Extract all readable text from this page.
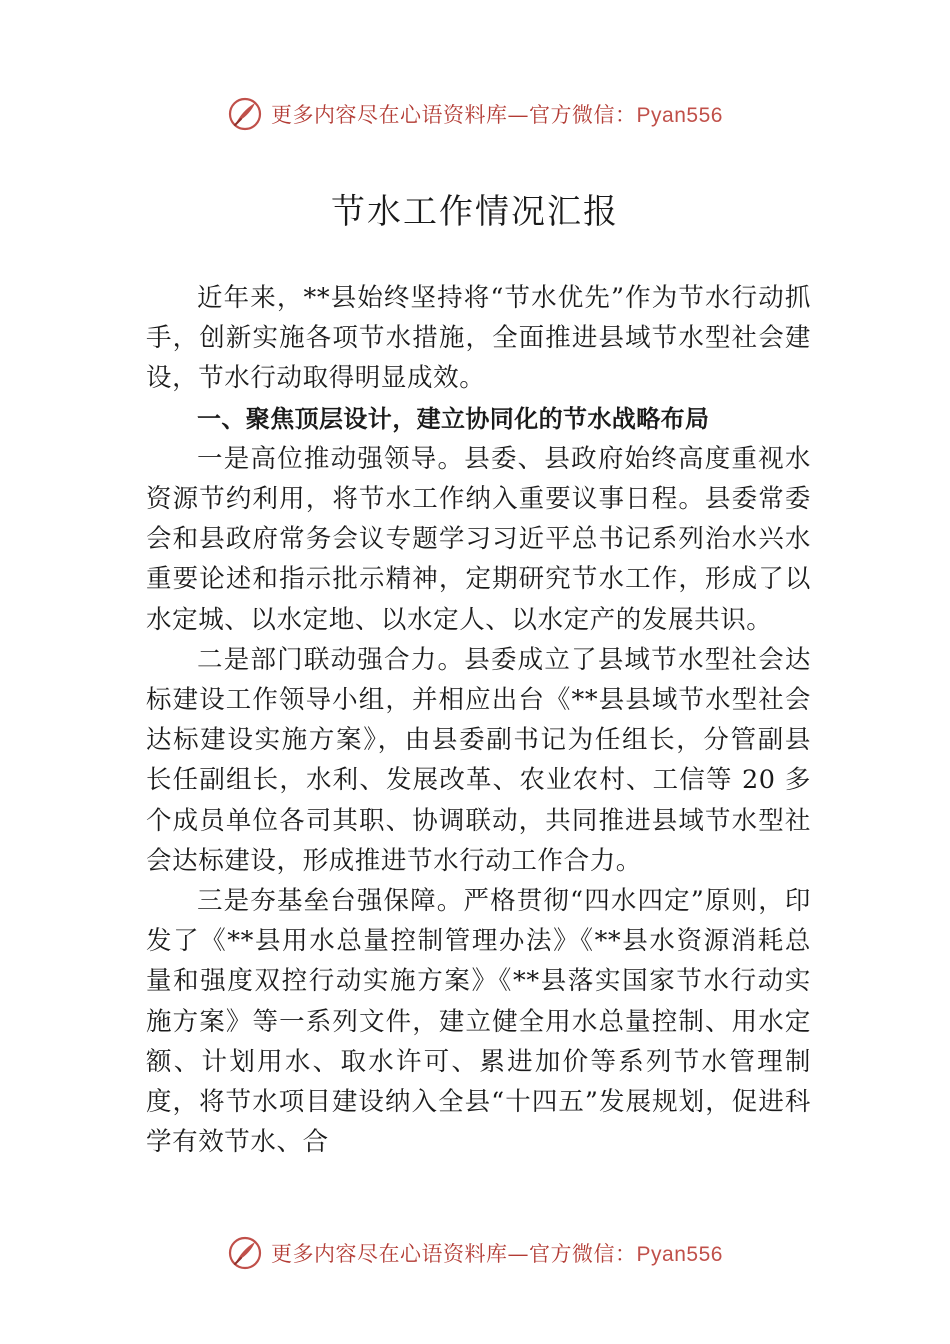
更多内容尽在心语资料库—官方微信：Pyan556
节水工作情况汇报

近年来，**县始终坚持将“节水优先”作为节水行动抓手，创新实施各项节水措施，全面推进县域节水型社会建设，节水行动取得明显成效。

一、聚焦顶层设计，建立协同化的节水战略布局

一是高位推动强领导。县委、县政府始终高度重视水资源节约利用，将节水工作纳入重要议事日程。县委常委会和县政府常务会议专题学习习近平总书记系列治水兴水重要论述和指示批示精神，定期研究节水工作，形成了以水定城、以水定地、以水定人、以水定产的发展共识。

二是部门联动强合力。县委成立了县域节水型社会达标建设工作领导小组，并相应出台《**县县域节水型社会达标建设实施方案》，由县委副书记为任组长，分管副县长任副组长，水利、发展改革、农业农村、工信等 20 多个成员单位各司其职、协调联动，共同推进县域节水型社会达标建设，形成推进节水行动工作合力。

三是夯基垒台强保障。严格贯彻“四水四定”原则，印发了《**县用水总量控制管理办法》《**县水资源消耗总量和强度双控行动实施方案》《**县落实国家节水行动实施方案》等一系列文件，建立健全用水总量控制、用水定额、计划用水、取水许可、累进加价等系列节水管理制度，将节水项目建设纳入全县“十四五”发展规划，促进科学有效节水、合

更多内容尽在心语资料库—官方微信：Pyan556
